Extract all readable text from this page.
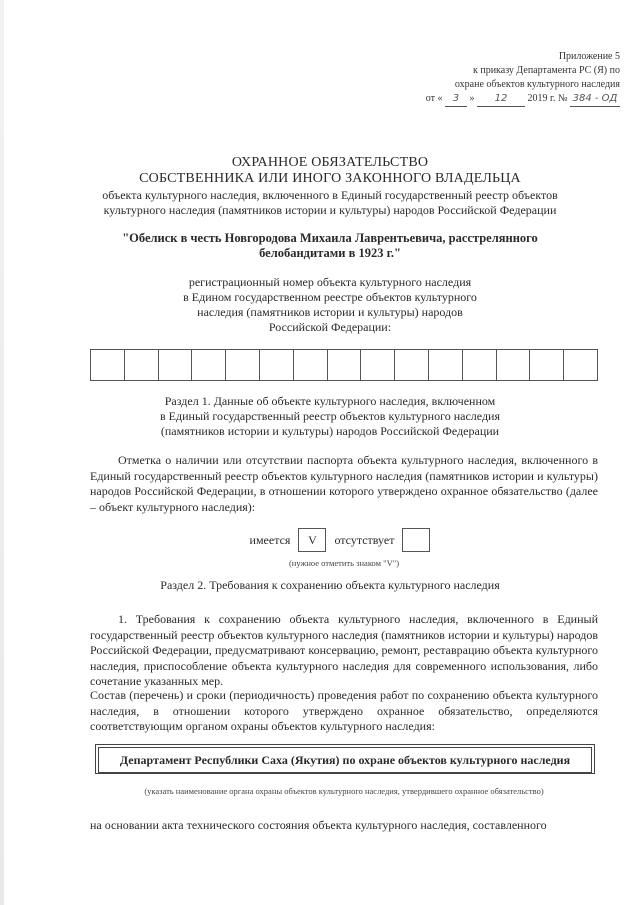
Приложение 5
к приказу Департамента РС (Я) по
охране объектов культурного наследия
от « 3 » 12 2019 г. № 384 - ОД
ОХРАННОЕ ОБЯЗАТЕЛЬСТВО
СОБСТВЕННИКА ИЛИ ИНОГО ЗАКОННОГО ВЛАДЕЛЬЦА
объекта культурного наследия, включенного в Единый государственный реестр объектов
культурного наследия (памятников истории и культуры) народов Российской Федерации
"Обелиск в честь Новгородова Михаила Лаврентьевича, расстрелянного
белобандитами в 1923 г."
регистрационный номер объекта культурного наследия
в Едином государственном реестре объектов культурного
наследия (памятников истории и культуры) народов
Российской Федерации:
Раздел 1. Данные об объекте культурного наследия, включенном
в Единый государственный реестр объектов культурного наследия
(памятников истории и культуры) народов Российской Федерации
Отметка о наличии или отсутствии паспорта объекта культурного наследия, включенного в Единый государственный реестр объектов культурного наследия (памятников истории и культуры) народов Российской Федерации, в отношении которого утверждено охранное обязательство (далее – объект культурного наследия):
имеется	V	отсутствует
(нужное отметить знаком "V")
Раздел 2. Требования к сохранению объекта культурного наследия
1. Требования к сохранению объекта культурного наследия, включенного в Единый государственный реестр объектов культурного наследия (памятников истории и культуры) народов Российской Федерации, предусматривают консервацию, ремонт, реставрацию объекта культурного наследия, приспособление объекта культурного наследия для современного использования, либо сочетание указанных мер.
Состав (перечень) и сроки (периодичность) проведения работ по сохранению объекта культурного наследия, в отношении которого утверждено охранное обязательство, определяются соответствующим органом охраны объектов культурного наследия:
Департамент Республики Саха (Якутия) по охране объектов культурного наследия
(указать наименование органа охраны объектов культурного наследия, утвердившего охранное обязательство)
на основании акта технического состояния объекта культурного наследия, составленного
